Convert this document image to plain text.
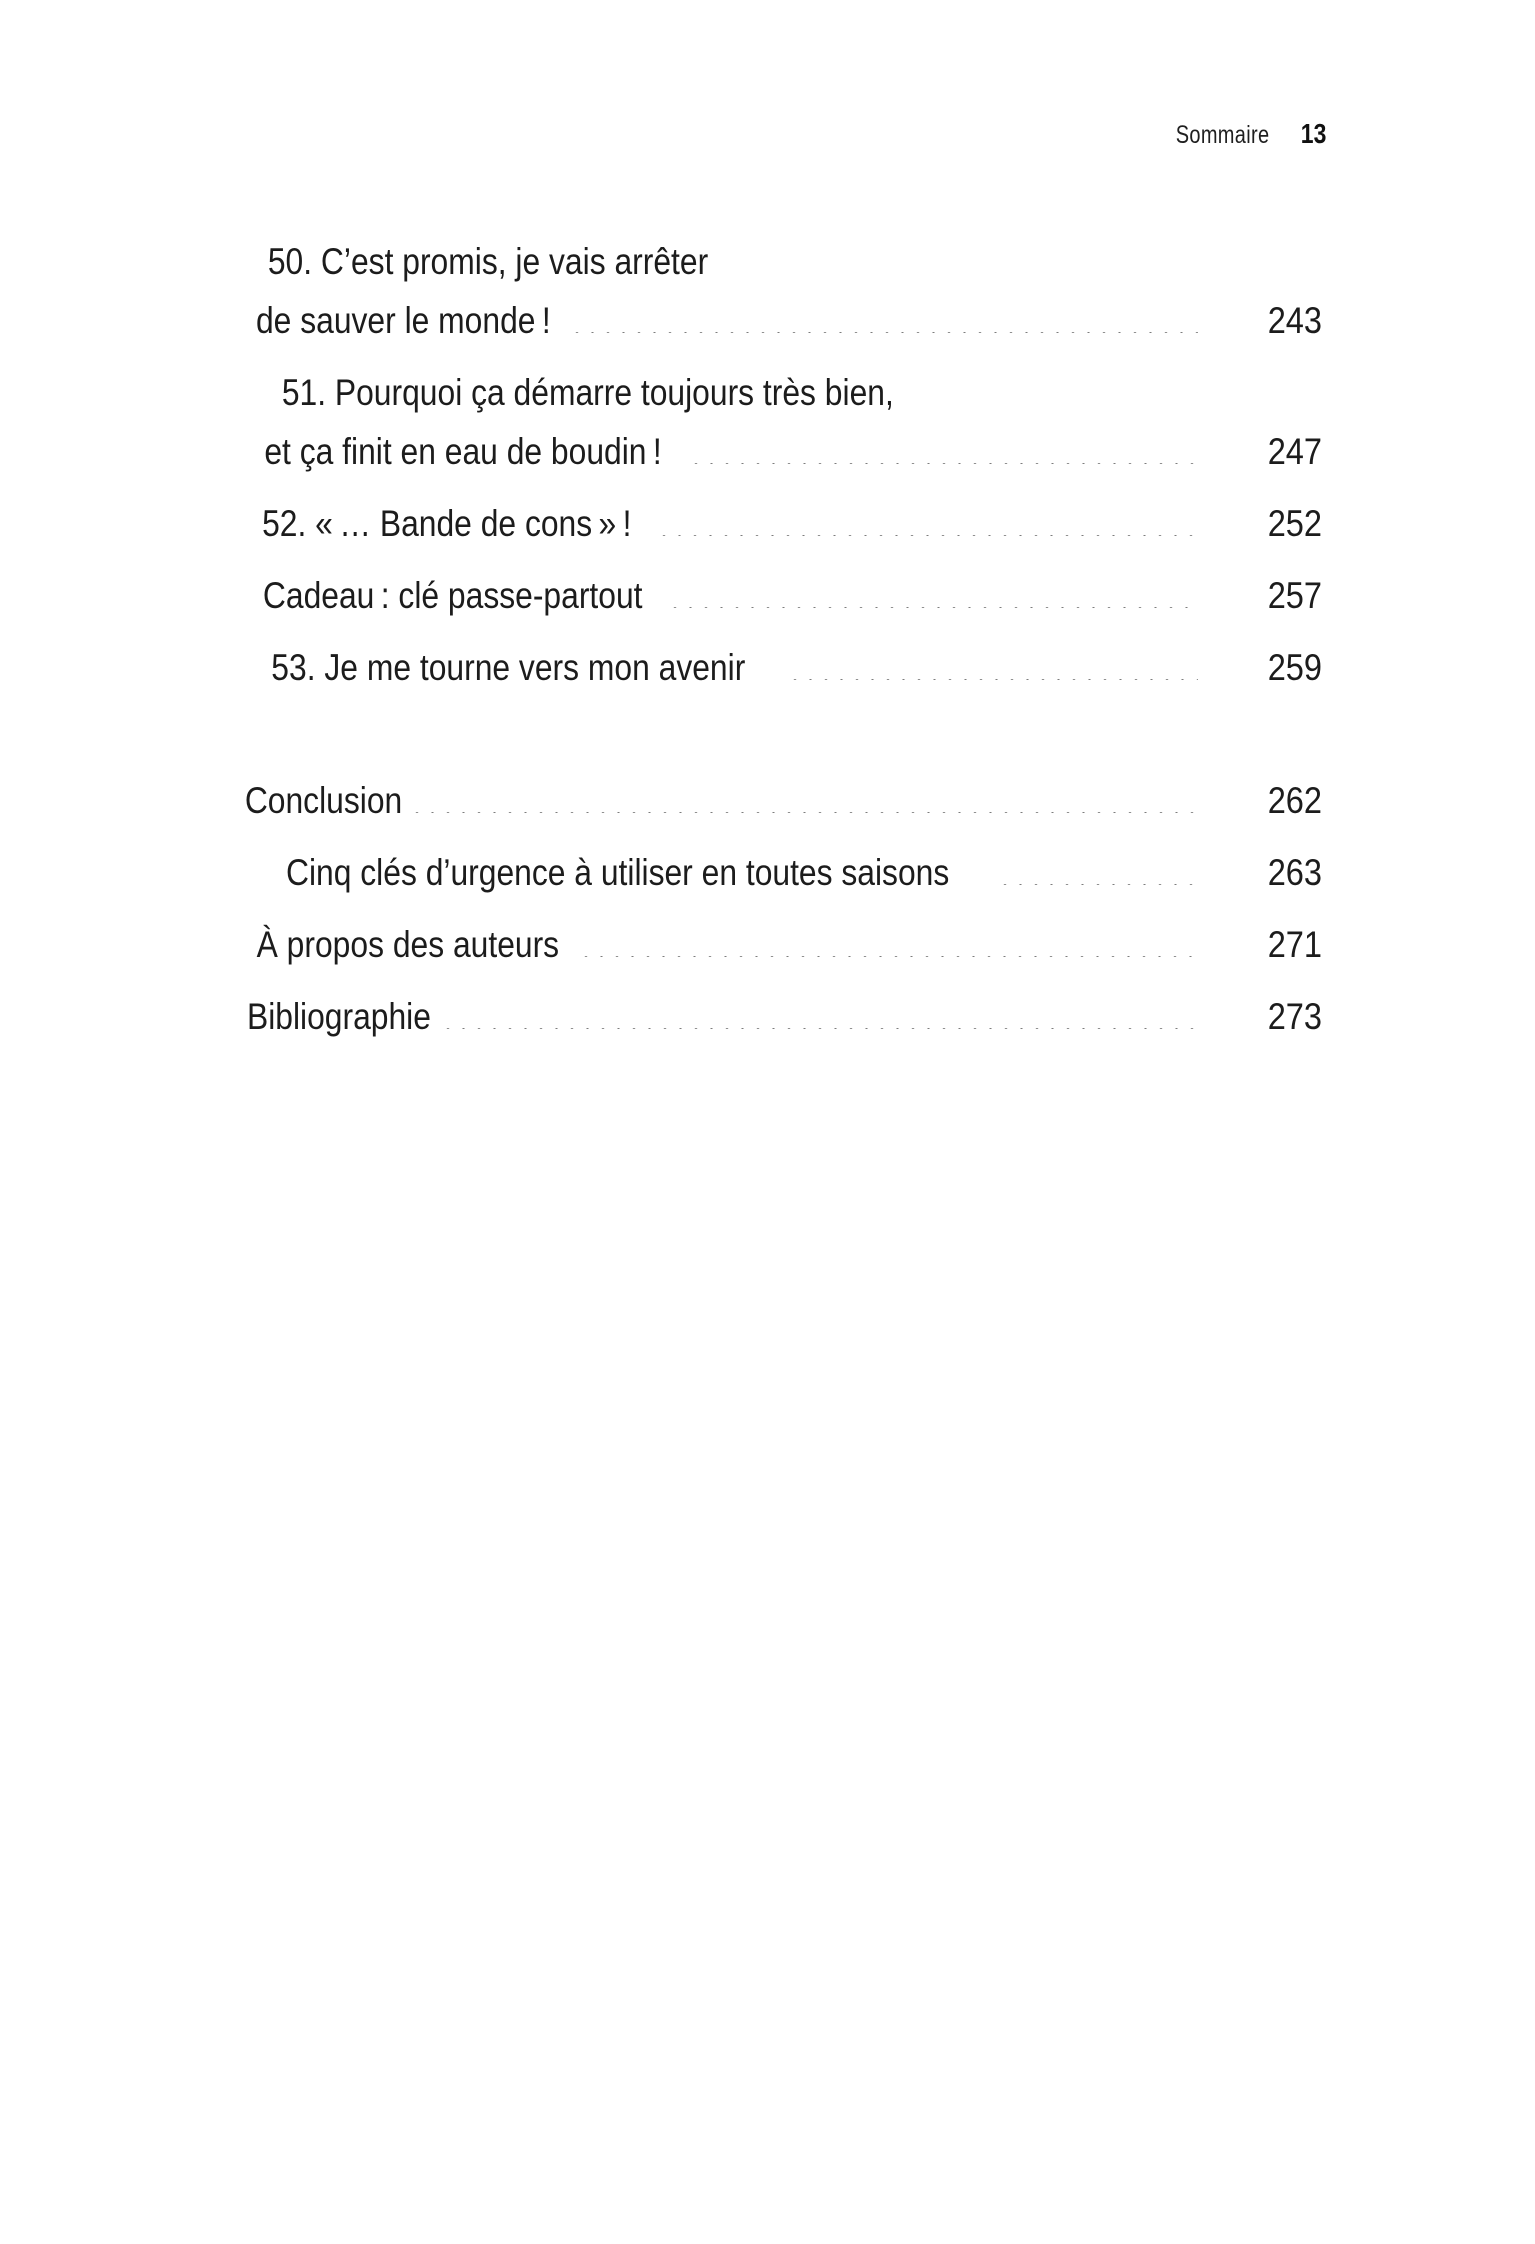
Sommaire 13
50. C’est promis, je vais arrêter
de sauver le monde !	243
51. Pourquoi ça démarre toujours très bien,
et ça finit en eau de boudin !	247
52. « … Bande de cons » !	252
Cadeau : clé passe-partout	257
53. Je me tourne vers mon avenir	259
Conclusion	262
Cinq clés d’urgence à utiliser en toutes saisons	263
À propos des auteurs	271
Bibliographie	273
